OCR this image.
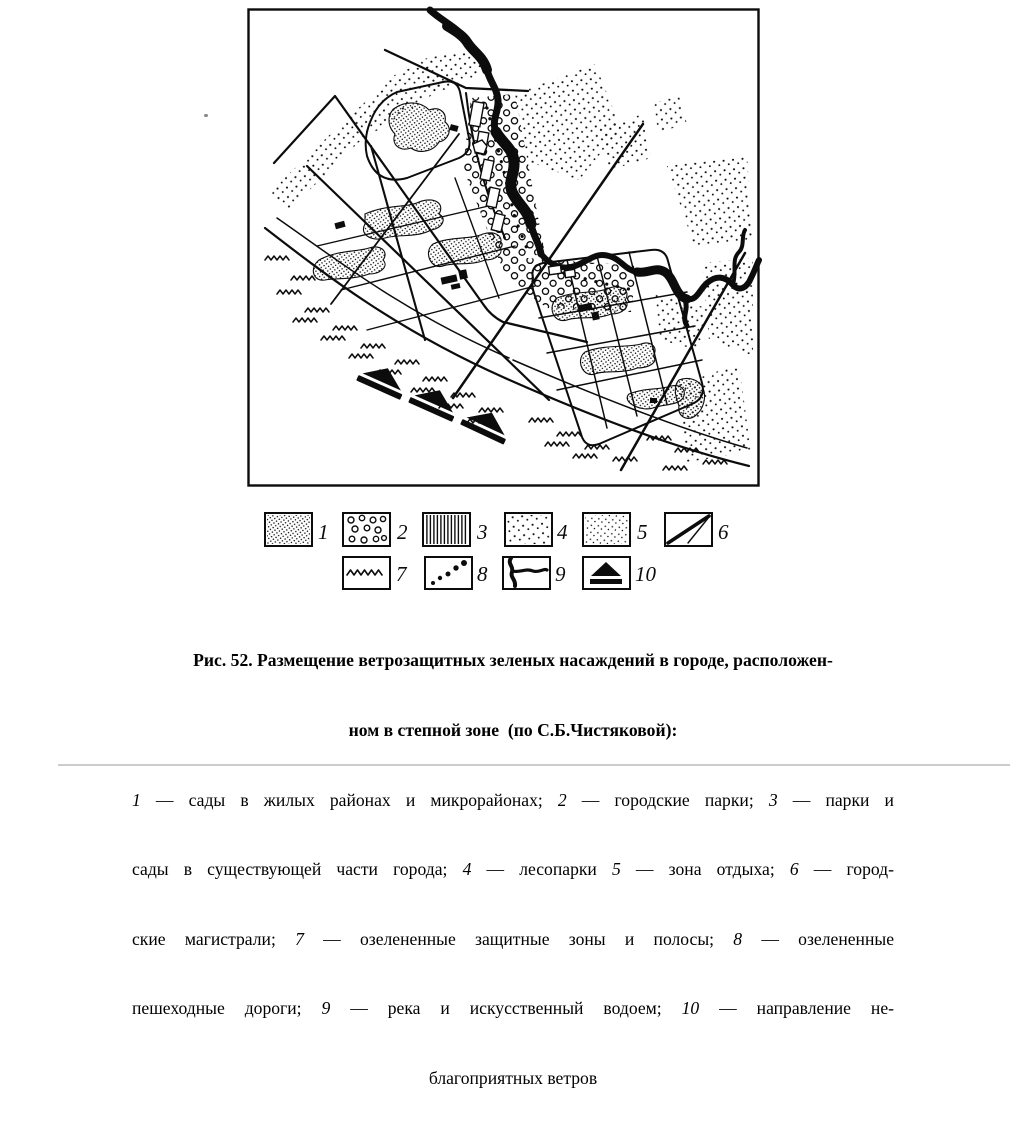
1	2	3	4	5	6
7	8	9	10

Рис. 52. Размещение ветрозащитных зеленых насаждений в городе, расположен-

ном в степной зоне  (по С.Б.Чистяковой):

1 — сады в жилых районах и микрорайонах; 2 — городские парки; 3 — парки и

сады в существующей части города; 4 — лесопарки 5 — зона отдыха; 6 — город-

ские магистрали; 7 — озелененные защитные зоны и полосы; 8 — озелененные

пешеходные дороги; 9 — река и искусственный водоем; 10 — направление не-

благоприятных ветров
